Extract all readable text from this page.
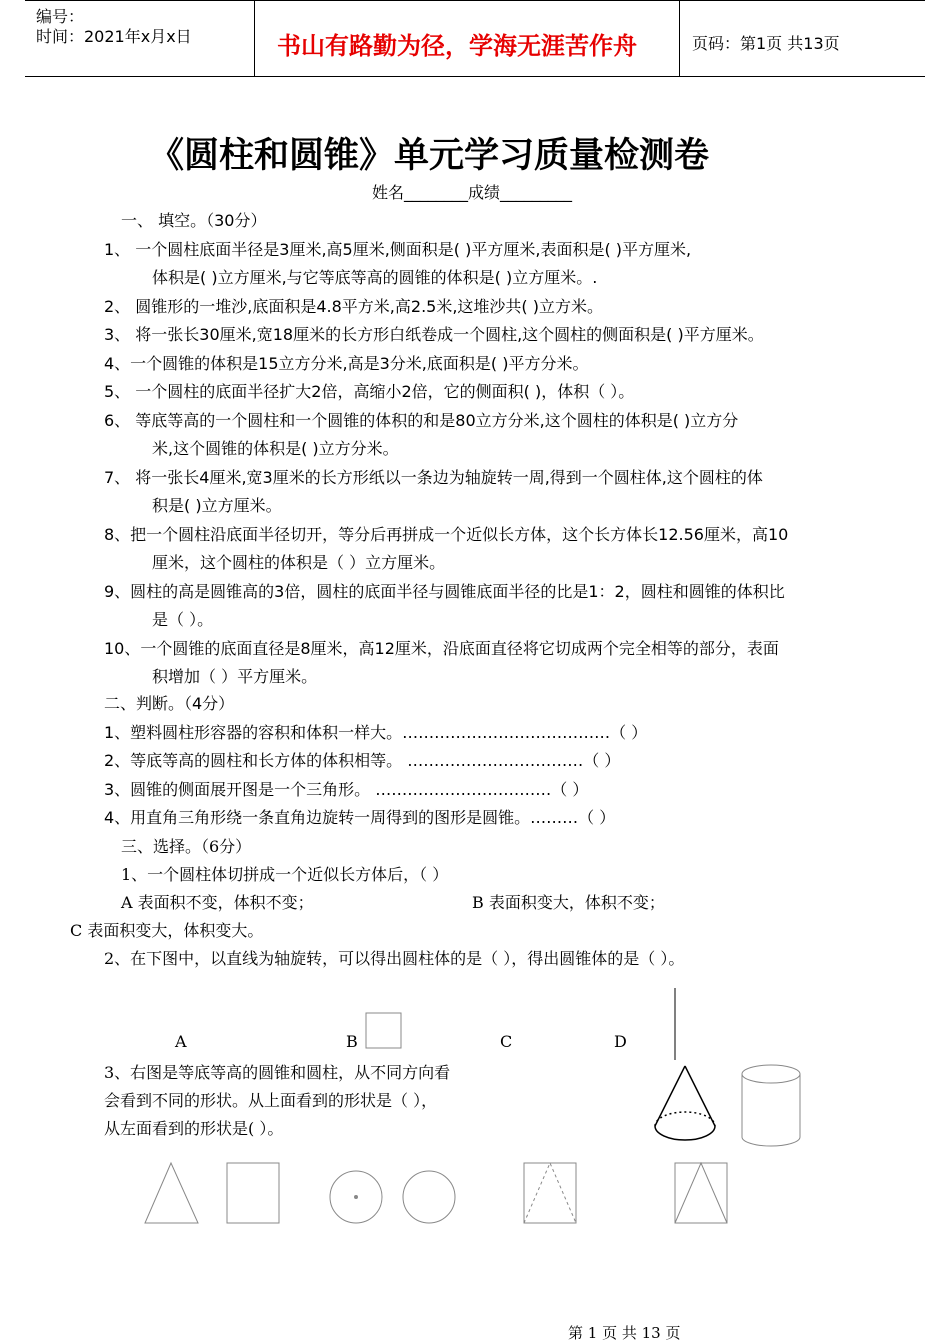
编号：
时间：2021年x月x日	书山有路勤为径，学海无涯苦作舟	页码：第1页 共13页
《圆柱和圆锥》单元学习质量检测卷
姓名________成绩_________
一、 填空。（30分）
1、 一个圆柱底面半径是3厘米,高5厘米,侧面积是( )平方厘米,表面积是( )平方厘米,
体积是( )立方厘米,与它等底等高的圆锥的体积是( )立方厘米。.
2、 圆锥形的一堆沙,底面积是4.8平方米,高2.5米,这堆沙共( )立方米。
3、 将一张长30厘米,宽18厘米的长方形白纸卷成一个圆柱,这个圆柱的侧面积是( )平方厘米。
4、一个圆锥的体积是15立方分米,高是3分米,底面积是( )平方分米。
5、 一个圆柱的底面半径扩大2倍，高缩小2倍，它的侧面积( )，体积（ ）。
6、 等底等高的一个圆柱和一个圆锥的体积的和是80立方分米,这个圆柱的体积是( )立方分
米,这个圆锥的体积是( )立方分米。
7、 将一张长4厘米,宽3厘米的长方形纸以一条边为轴旋转一周,得到一个圆柱体,这个圆柱的体
积是( )立方厘米。
8、把一个圆柱沿底面半径切开，等分后再拼成一个近似长方体，这个长方体长12.56厘米，高10
厘米，这个圆柱的体积是（ ）立方厘米。
9、圆柱的高是圆锥高的3倍，圆柱的底面半径与圆锥底面半径的比是1：2，圆柱和圆锥的体积比
是（ ）。
10、一个圆锥的底面直径是8厘米，高12厘米，沿底面直径将它切成两个完全相等的部分，表面
积增加（ ）平方厘米。
二、判断。（4分）
1、塑料圆柱形容器的容积和体积一样大。…………………………………（ ）
2、等底等高的圆柱和长方体的体积相等。 ……………………………（ ）
3、圆锥的侧面展开图是一个三角形。 ……………………………（ ）
4、用直角三角形绕一条直角边旋转一周得到的图形是圆锥。………（ ）
三、选择。（6分）
1、一个圆柱体切拼成一个近似长方体后，（ ）
A 表面积不变，体积不变；	B 表面积变大，体积不变；
C 表面积变大，体积变大。
2、在下图中，以直线为轴旋转，可以得出圆柱体的是（ ），得出圆锥体的是（ ）。
A	B	C	D
3、右图是等底等高的圆锥和圆柱，从不同方向看
会看到不同的形状。从上面看到的形状是（ ），
从左面看到的形状是( ）。
第 1 页 共 13 页
